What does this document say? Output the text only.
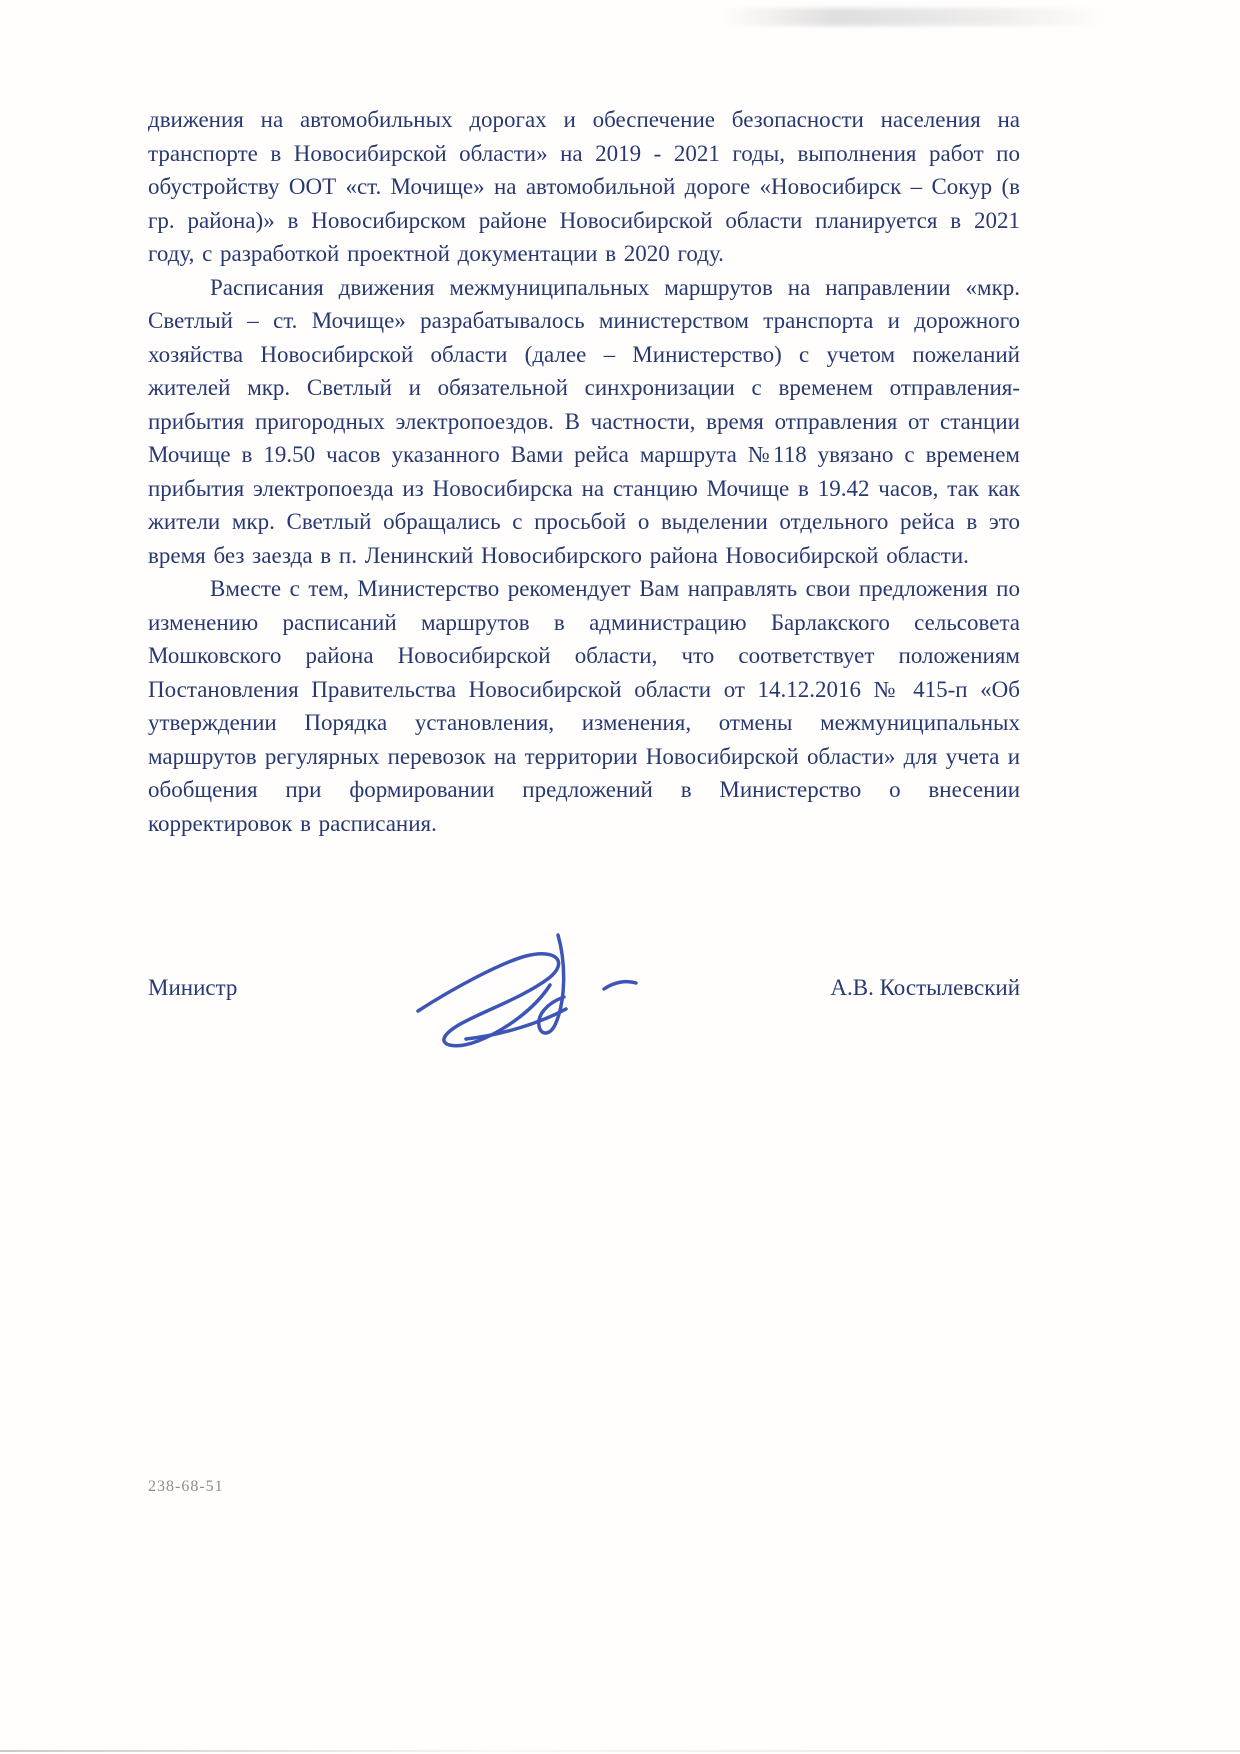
движения на автомобильных дорогах и обеспечение безопасности населения на транспорте в Новосибирской области» на 2019 - 2021 годы, выполнения работ по обустройству ООТ «ст. Мочище» на автомобильной дороге «Новосибирск – Сокур (в гр. района)» в Новосибирском районе Новосибирской области планируется в 2021 году, с разработкой проектной документации в 2020 году.

Расписания движения межмуниципальных маршрутов на направлении «мкр. Светлый – ст. Мочище» разрабатывалось министерством транспорта и дорожного хозяйства Новосибирской области (далее – Министерство) с учетом пожеланий жителей мкр. Светлый и обязательной синхронизации с временем отправления-прибытия пригородных электропоездов. В частности, время отправления от станции Мочище в 19.50 часов указанного Вами рейса маршрута №118 увязано с временем прибытия электропоезда из Новосибирска на станцию Мочище в 19.42 часов, так как жители мкр. Светлый обращались с просьбой о выделении отдельного рейса в это время без заезда в п. Ленинский Новосибирского района Новосибирской области.

Вместе с тем, Министерство рекомендует Вам направлять свои предложения по изменению расписаний маршрутов в администрацию Барлакского сельсовета Мошковского района Новосибирской области, что соответствует положениям Постановления Правительства Новосибирской области от 14.12.2016 № 415-п «Об утверждении Порядка установления, изменения, отмены межмуниципальных маршрутов регулярных перевозок на территории Новосибирской области» для учета и обобщения при формировании предложений в Министерство о внесении корректировок в расписания.

Министр	А.В. Костылевский
238-68-51
